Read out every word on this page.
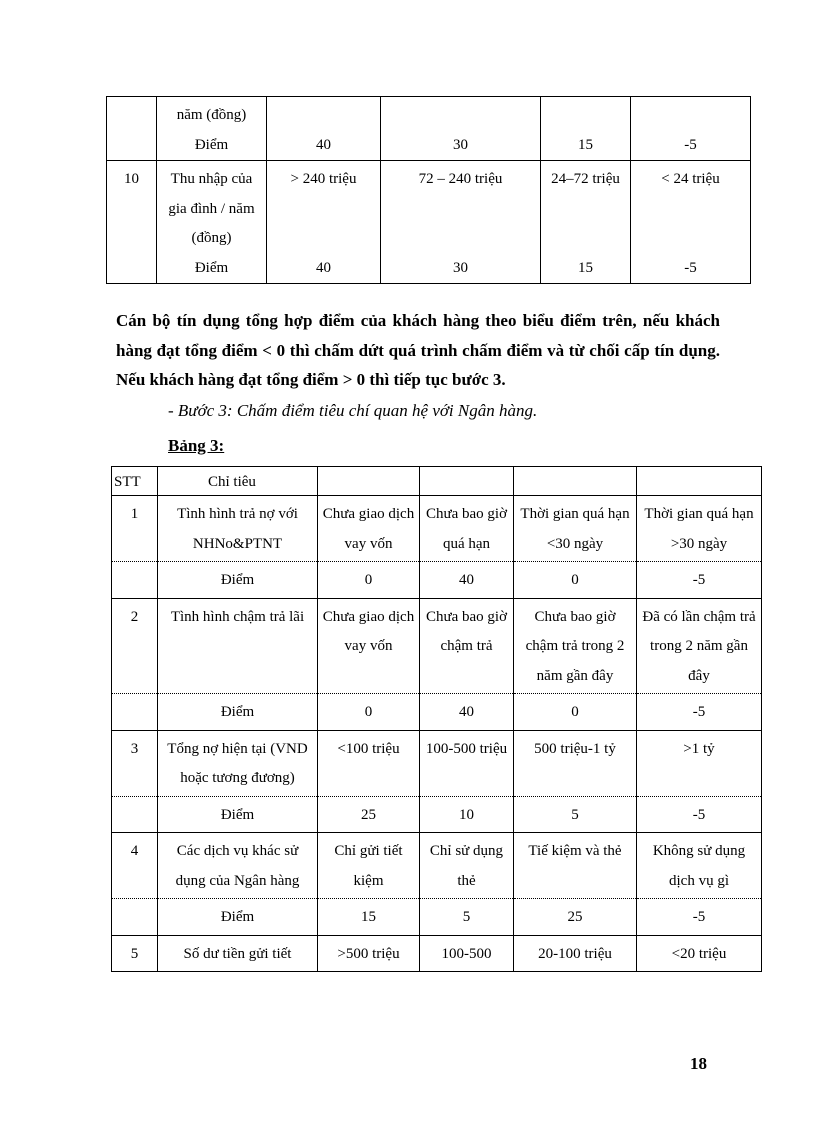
	năm (đồng)				
	Điểm	40	30	15	-5
10	Thu nhập của gia đình / năm (đồng)	> 240 triệu	72 – 240 triệu	24–72 triệu	< 24 triệu
	Điểm	40	30	15	-5
Cán bộ tín dụng tổng hợp điểm của khách hàng theo biểu điểm trên, nếu khách hàng đạt tổng điểm < 0 thì chấm dứt quá trình chấm điểm và từ chối cấp tín dụng. Nếu khách hàng đạt tổng điểm > 0 thì tiếp tục bước 3.
- Bước 3: Chấm điểm tiêu chí quan hệ với Ngân hàng.
Bảng 3:
STT	Chỉ tiêu				
1	Tình hình trả nợ với NHNo&PTNT	Chưa giao dịch vay vốn	Chưa bao giờ quá hạn	Thời gian quá hạn <30 ngày	Thời gian quá hạn >30 ngày
	Điểm	0	40	0	-5
2	Tình hình chậm trả lãi	Chưa giao dịch vay vốn	Chưa bao giờ chậm trả	Chưa bao giờ chậm trả trong 2 năm gần đây	Đã có lần chậm trả trong 2 năm gần đây
	Điểm	0	40	0	-5
3	Tổng nợ hiện tại (VND hoặc tương đương)	<100 triệu	100-500 triệu	500 triệu-1 tỷ	>1 tỷ
	Điểm	25	10	5	-5
4	Các dịch vụ khác sử dụng của Ngân hàng	Chỉ gửi tiết kiệm	Chỉ sử dụng thẻ	Tiế kiệm và thẻ	Không sử dụng dịch vụ gì
	Điểm	15	5	25	-5
5	Số dư tiền gửi tiết	>500 triệu	100-500	20-100 triệu	<20 triệu
18
